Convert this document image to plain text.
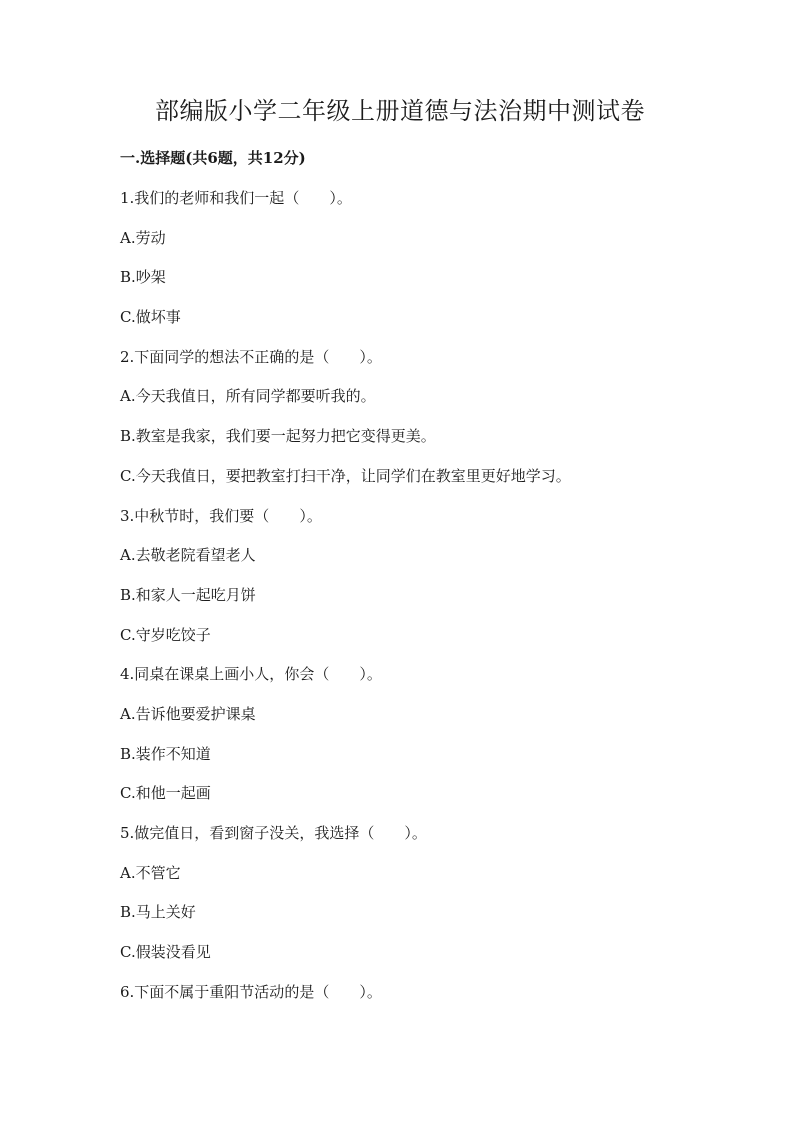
部编版小学二年级上册道德与法治期中测试卷
一.选择题(共6题，共12分)
1.我们的老师和我们一起（　　）。
A.劳动
B.吵架
C.做坏事
2.下面同学的想法不正确的是（　　）。
A.今天我值日，所有同学都要听我的。
B.教室是我家，我们要一起努力把它变得更美。
C.今天我值日，要把教室打扫干净，让同学们在教室里更好地学习。
3.中秋节时，我们要（　　）。
A.去敬老院看望老人
B.和家人一起吃月饼
C.守岁吃饺子
4.同桌在课桌上画小人，你会（　　）。
A.告诉他要爱护课桌
B.装作不知道
C.和他一起画
5.做完值日，看到窗子没关，我选择（　　）。
A.不管它
B.马上关好
C.假装没看见
6.下面不属于重阳节活动的是（　　）。
